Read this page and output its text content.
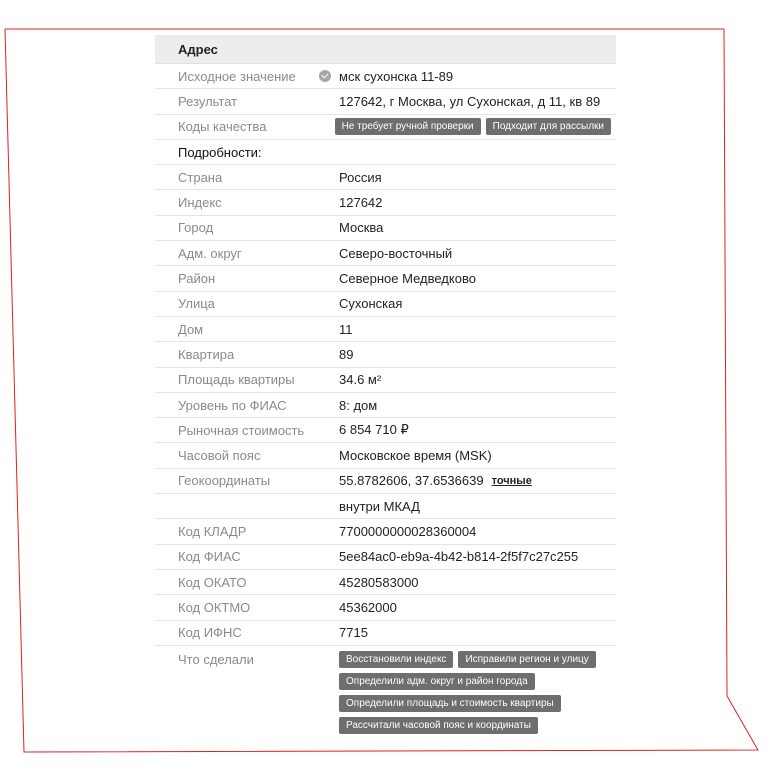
Адрес
Исходное значение	мск сухонска 11-89
Результат	127642, г Москва, ул Сухонская, д 11, кв 89
Коды качества	Не требует ручной проверки	Подходит для рассылки
Подробности:
Страна	Россия
Индекс	127642
Город	Москва
Адм. округ	Северо-восточный
Район	Северное Медведково
Улица	Сухонская
Дом	11
Квартира	89
Площадь квартиры	34.6 м²
Уровень по ФИАС	8: дом
Рыночная стоимость	6 854 710 ₽
Часовой пояс	Московское время (MSK)
Геокоординаты	55.8782606, 37.6536639 точные
внутри МКАД
Код КЛАДР	7700000000028360004
Код ФИАС	5ee84ac0-eb9a-4b42-b814-2f5f7c27c255
Код ОКАТО	45280583000
Код ОКТМО	45362000
Код ИФНС	7715
Что сделали	Восстановили индекс	Исправили регион и улицу
Определили адм. округ и район города
Определили площадь и стоимость квартиры
Рассчитали часовой пояс и координаты
